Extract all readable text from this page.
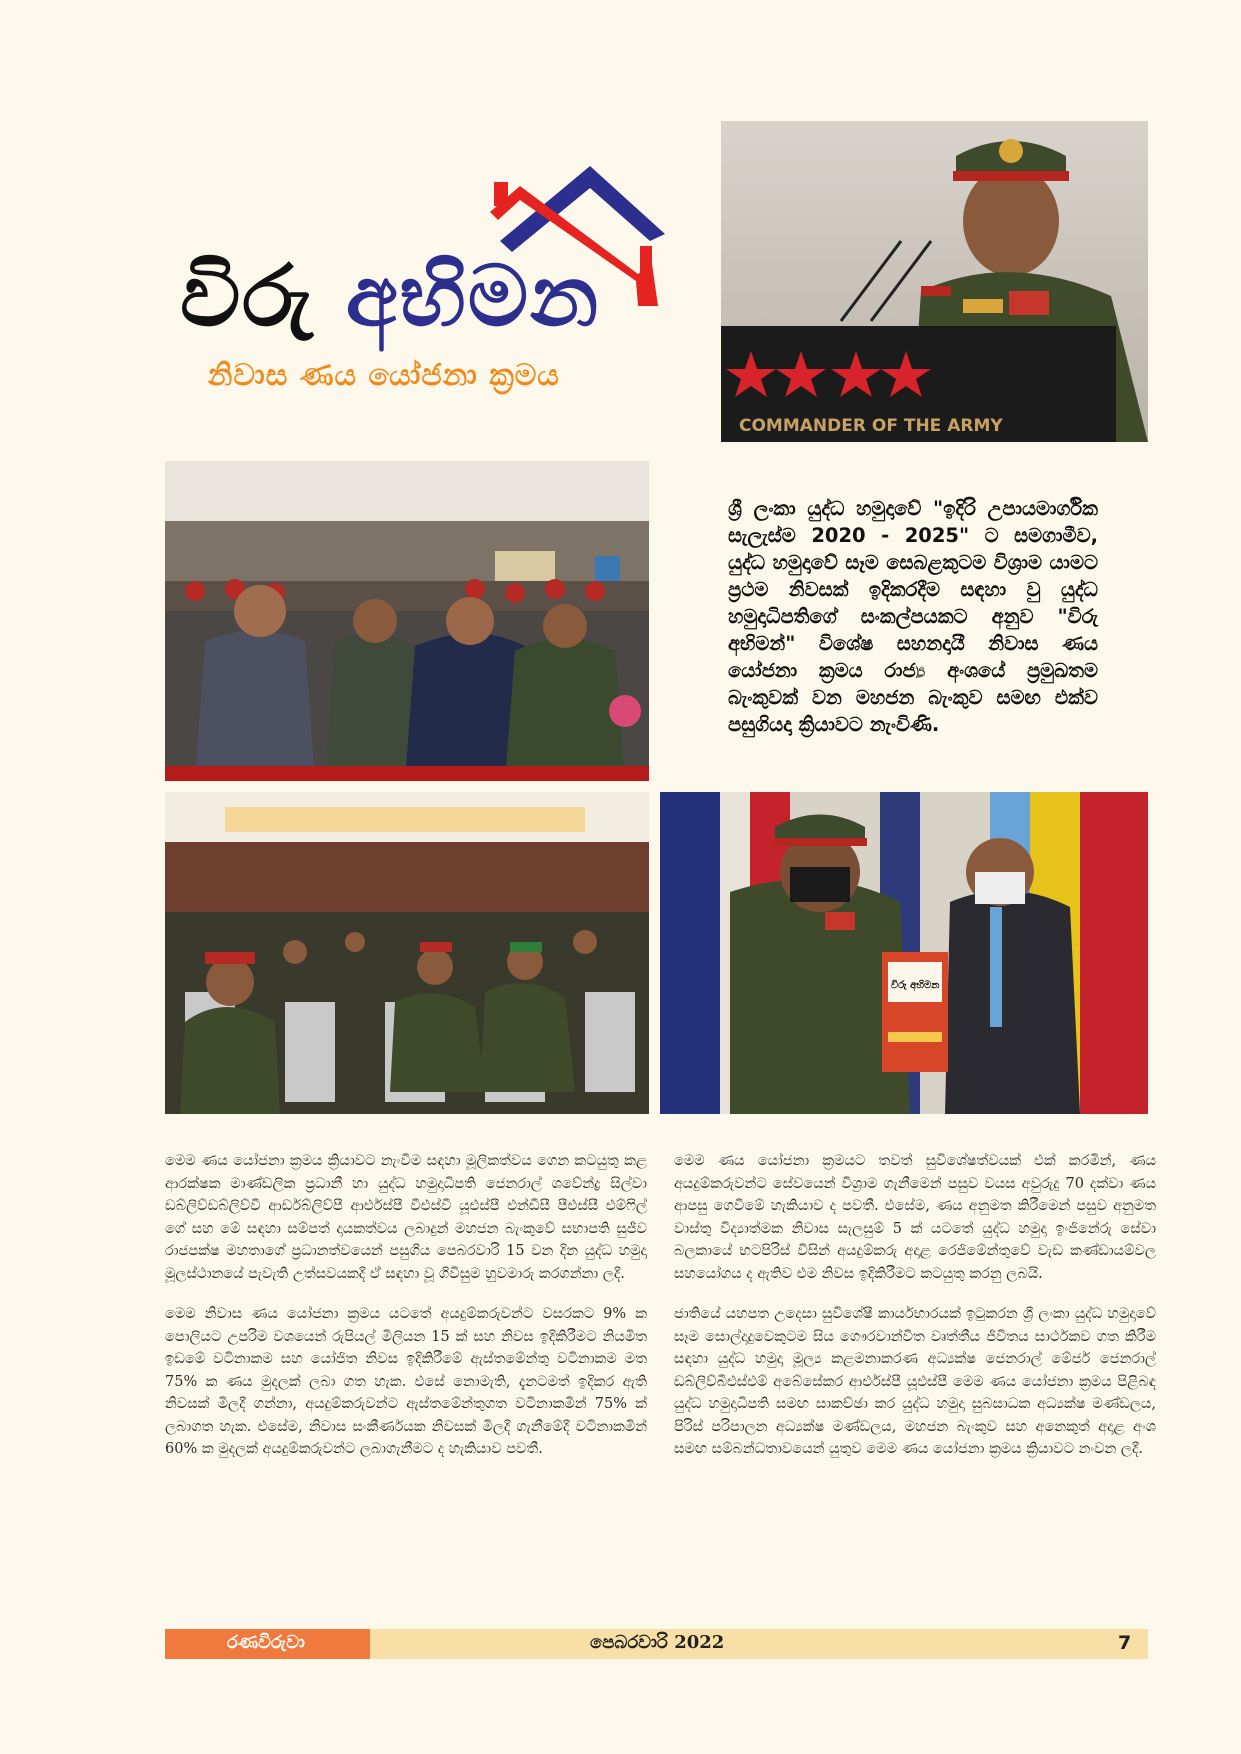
විරු අභිමන
නිවාස ණය යෝජනා ක්‍රමය
COMMANDER OF THE ARMY

ශ්‍රී ලංකා යුද්ධ හමුදාවේ "ඉදිරි උපායමාර්ගික සැලැස්ම 2020 - 2025" ට සමගාමීව, යුද්ධ හමුදාවේ සෑම සෙබළකුටම විශ්‍රාම යාමට ප්‍රථම නිවසක් ඉදිකරදීම සඳහා වු යුද්ධ හමුදාධිපතිගේ සංකල්පයකට අනුව "විරු අභිමන්" විශේෂ සහනදායී නිවාස ණය යෝජනා ක්‍රමය රාජ්‍ය අංශයේ ප්‍රමුඛතම බැංකුවක් වන මහජන බැංකුව සමඟ එක්ව පසුගියදා ක්‍රියාවට නැංවිණි.

විරු අභිමන

මෙම ණය යෝජනා ක්‍රමය ක්‍රියාවට නැංවීම සඳහා මූලිකත්වය ගෙන කටයුතු කළ ආරක්ෂක මාණ්ඩලික ප්‍රධානී හා යුද්ධ හමුදාධිපති ජෙනරාල් ශවේන්ද්‍ර සිල්වා ඩබ්ලිව්ඩබ්ලිව්වී ආර්ඩබ්ලිව්පී ආර්එස්පී වීඑස්වී යූඑස්පී එන්ඩීසී පීඑස්සී එම්ෆිල් ගේ සහ මේ සඳහා සම්පත් දායකත්වය ලබාදුන් මහජන බැංකුවේ සභාපති සුජීව රාජපක්ෂ මහතාගේ ප්‍රධානත්වයෙන් පසුගිය පෙබරවාරි 15 වන දින යුද්ධ හමුදා මූලස්ථානයේ පැවැති උත්සවයකදී ඒ සඳහා වූ ගිවිසුම හුවමාරු කරගන්නා ලදී.

මෙම නිවාස ණය යෝජනා ක්‍රමය යටතේ අයදුම්කරුවන්ට වසරකට 9% ක පොලියට උපරිම වශයෙන් රුපියල් මිලියන 15 ක් සහ නිවස ඉදිකිරීමට නියමිත ඉඩමේ වටිනාකම සහ යෝජිත නිවස ඉදිකිරීමේ ඇස්තමේන්තු වටිනාකම මත 75% ක ණය මුදලක් ලබා ගත හැක. එසේ නොමැති, දැනටමත් ඉදිකර ඇති නිවසක් මිලදී ගන්නා, අයදුම්කරුවන්ට ඇස්තමේන්තුගත වටිනාකමින් 75% ක් ලබාගත හැක. එසේම, නිවාස සංකීර්ණයක නිවසක් මිලදී ගැනීමේදී වටිනාකමින් 60% ක මුදලක් අයදුම්කරුවන්ට ලබාගැනීමට ද හැකියාව පවතී.

මෙම ණය යෝජනා ක්‍රමයට තවත් සුවිශේෂත්වයක් එක් කරමින්, ණය අයදුම්කරුවන්ට සේවයෙන් විශ්‍රාම ගැනීමෙන් පසුව වයස අවුරුදු 70 දක්වා ණය ආපසු ගෙවීමේ හැකියාව ද පවතී. එසේම, ණය අනුමත කිරීමෙන් පසුව අනුමත වාස්තු විද්‍යාත්මක නිවාස සැලසුම් 5 ක් යටතේ යුද්ධ හමුදා ඉංජිනේරු සේවා බලකායේ භටපිරිස් විසින් අයදුම්කරු අදාළ රෙජිමේන්තුවේ වැඩ කණ්ඩායම්වල සහයෝගය ද ඇතිව එම නිවස ඉදිකිරීමට කටයුතු කරනු ලබයි.

ජාතියේ යහපත උදෙසා සුවිශේෂී කාර්යභාරයක් ඉටුකරන ශ්‍රී ලංකා යුද්ධ හමුදාවේ සෑම සොල්දාදුවෙකුටම සිය ගෞරවාන්විත වෘත්තීය ජීවිතය සාර්ථකව ගත කිරීම සඳහා යුද්ධ හමුදා මූල්‍ය කළමනාකරණ අධ්‍යක්ෂ ජෙනරාල් මේජර් ජෙනරාල් ඩබ්ලිව්බීඑස්එම් අබේසේකර ආර්එස්පී යූඑස්පී මෙම ණය යෝජනා ක්‍රමය පිළිබඳ යුද්ධ හමුදාධිපති සමඟ සාකච්ඡා කර යුද්ධ හමුදා සුබසාධක අධ්‍යක්ෂ මණ්ඩලය, පිරිස් පරිපාලන අධ්‍යක්ෂ මණ්ඩලය, මහජන බැංකුව සහ අනෙකුත් අදාළ අංශ සමඟ සම්බන්ධතාවයෙන් යුතුව මෙම ණය යෝජනා ක්‍රමය ක්‍රියාවට නංවන ලදී.

රණවිරුවා	පෙබරවාරි 2022	7
